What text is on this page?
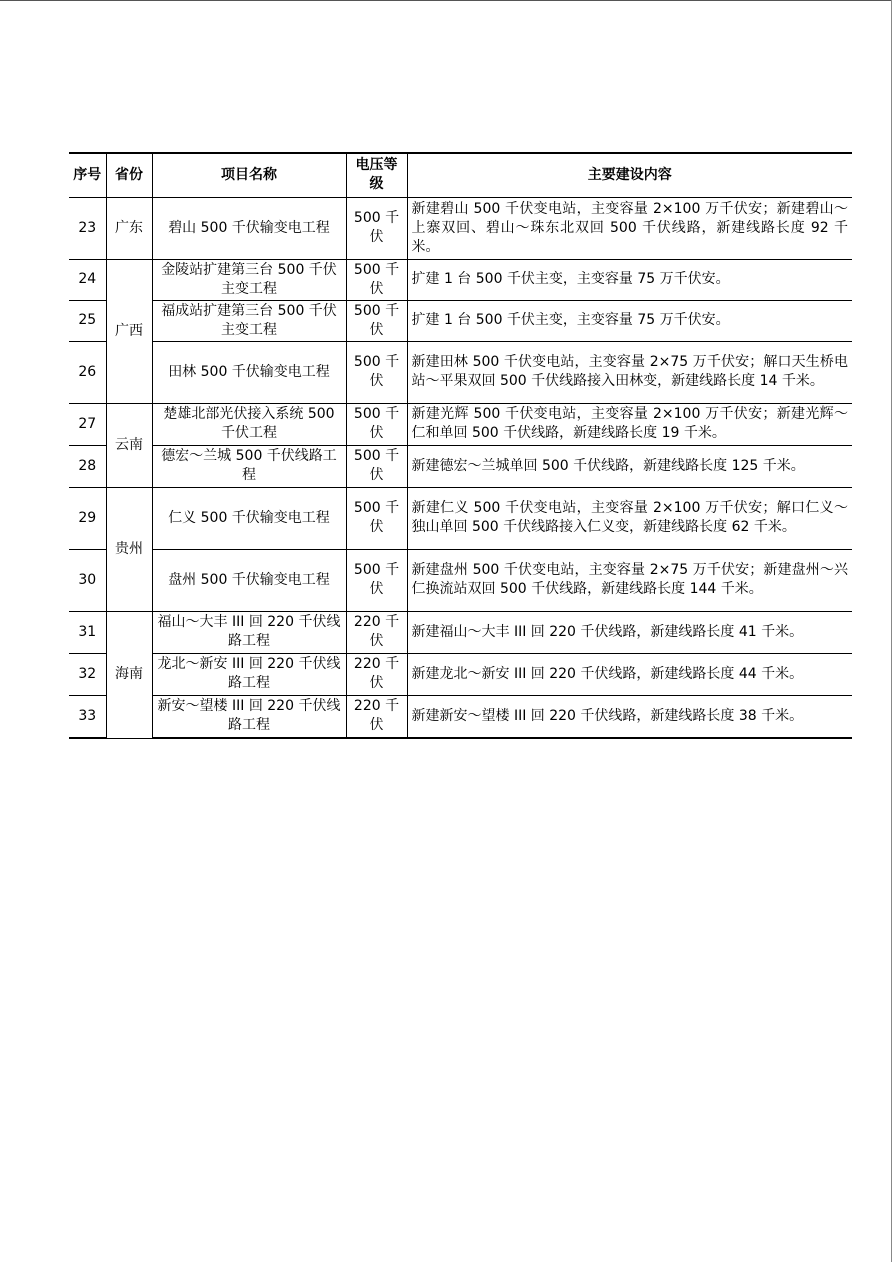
序号	省份	项目名称	电压等级	主要建设内容
23	广东	碧山 500 千伏输变电工程	500 千伏	新建碧山 500 千伏变电站，主变容量 2×100 万千伏安；新建碧山～上寨双回、碧山～珠东北双回 500 千伏线路，新建线路长度 92 千米。
24	广西	金陵站扩建第三台 500 千伏主变工程	500 千伏	扩建 1 台 500 千伏主变，主变容量 75 万千伏安。
25		福成站扩建第三台 500 千伏主变工程	500 千伏	扩建 1 台 500 千伏主变，主变容量 75 万千伏安。
26		田林 500 千伏输变电工程	500 千伏	新建田林 500 千伏变电站，主变容量 2×75 万千伏安；解口天生桥电站～平果双回 500 千伏线路接入田林变，新建线路长度 14 千米。
27	云南	楚雄北部光伏接入系统 500 千伏工程	500 千伏	新建光辉 500 千伏变电站，主变容量 2×100 万千伏安；新建光辉～仁和单回 500 千伏线路，新建线路长度 19 千米。
28		德宏～兰城 500 千伏线路工程	500 千伏	新建德宏～兰城单回 500 千伏线路，新建线路长度 125 千米。
29	贵州	仁义 500 千伏输变电工程	500 千伏	新建仁义 500 千伏变电站，主变容量 2×100 万千伏安；解口仁义～独山单回 500 千伏线路接入仁义变，新建线路长度 62 千米。
30		盘州 500 千伏输变电工程	500 千伏	新建盘州 500 千伏变电站，主变容量 2×75 万千伏安；新建盘州～兴仁换流站双回 500 千伏线路，新建线路长度 144 千米。
31	海南	福山～大丰 III 回 220 千伏线路工程	220 千伏	新建福山～大丰 III 回 220 千伏线路，新建线路长度 41 千米。
32		龙北～新安 III 回 220 千伏线路工程	220 千伏	新建龙北～新安 III 回 220 千伏线路，新建线路长度 44 千米。
33		新安～望楼 III 回 220 千伏线路工程	220 千伏	新建新安～望楼 III 回 220 千伏线路，新建线路长度 38 千米。
